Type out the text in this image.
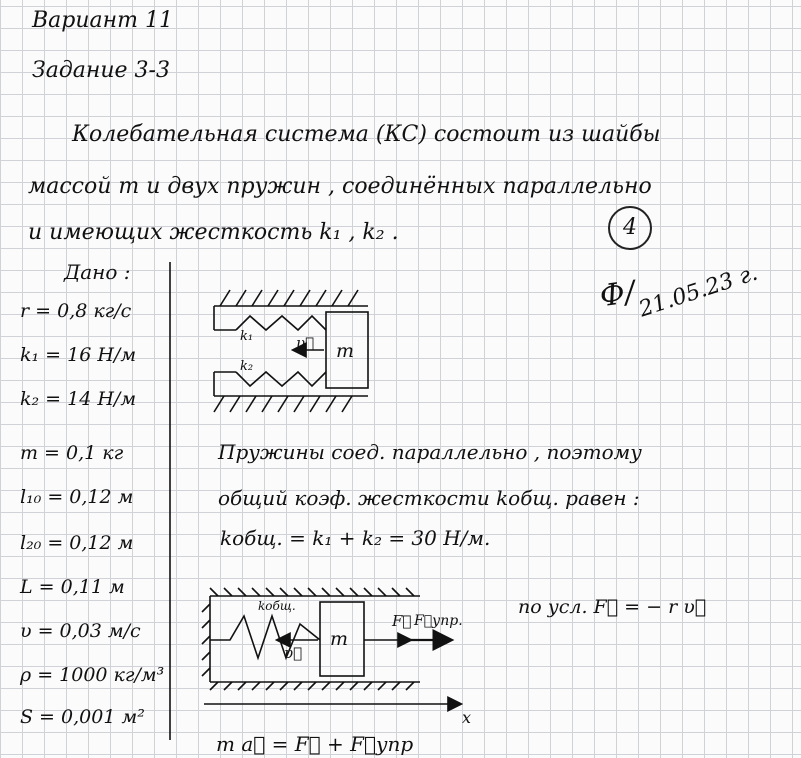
Вариант 11
Задание 3-3
Колебательная система (КС) состоит из шайбы
массой m и двух пружин , соединённых параллельно
и имеющих жесткость k₁ , k₂ .	4
Ф/
21.05.23 г.
Дано :
r = 0,8 кг/с
k₁ = 16 Н/м
k₂ = 14 Н/м
m = 0,1 кг
l₁₀ = 0,12 м
l₂₀ = 0,12 м
L = 0,11 м
υ = 0,03 м/с
ρ = 1000 кг/м³
S = 0,001 м²
k₁
k₂
υ⃗ m
Пружины соед. параллельно , поэтому
общий коэф. жесткости kобщ. равен :
kобщ. = k₁ + k₂ = 30 Н/м.
kобщ.
υ⃗
m
F⃗ F⃗упр.
x
по усл. F⃗ = − r υ⃗
m a⃗ = F⃗ + F⃗упр
